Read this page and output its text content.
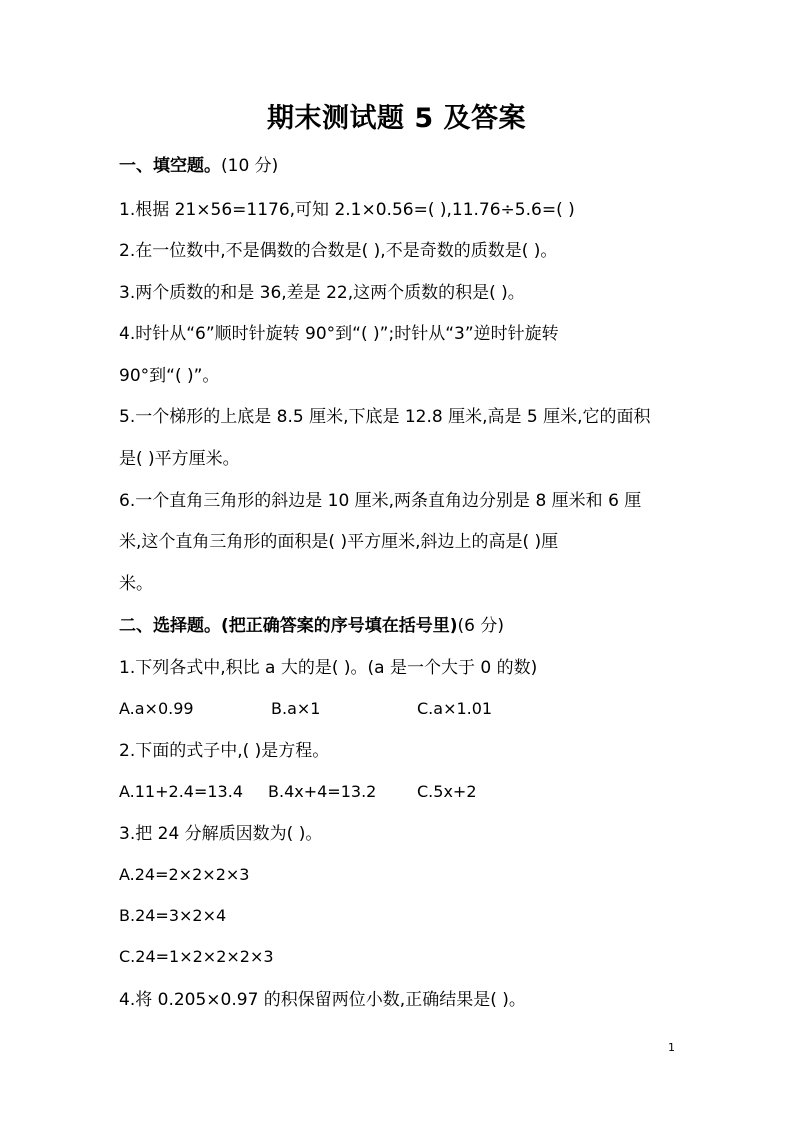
期末测试题 5 及答案
一、填空题。(10 分)
1.根据 21×56=1176,可知 2.1×0.56=( ),11.76÷5.6=( )
2.在一位数中,不是偶数的合数是( ),不是奇数的质数是( )。
3.两个质数的和是 36,差是 22,这两个质数的积是( )。
4.时针从“6”顺时针旋转 90°到“( )”;时针从“3”逆时针旋转
90°到“( )”。
5.一个梯形的上底是 8.5 厘米,下底是 12.8 厘米,高是 5 厘米,它的面积
是( )平方厘米。
6.一个直角三角形的斜边是 10 厘米,两条直角边分别是 8 厘米和 6 厘
米,这个直角三角形的面积是( )平方厘米,斜边上的高是( )厘
米。
二、选择题。(把正确答案的序号填在括号里)(6 分)
1.下列各式中,积比 a 大的是( )。(a 是一个大于 0 的数)
A.a×0.99	B.a×1	C.a×1.01
2.下面的式子中,( )是方程。
A.11+2.4=13.4 B.4x+4=13.2	C.5x+2
3.把 24 分解质因数为( )。
A.24=2×2×2×3
B.24=3×2×4
C.24=1×2×2×2×3
4.将 0.205×0.97 的积保留两位小数,正确结果是( )。
1
